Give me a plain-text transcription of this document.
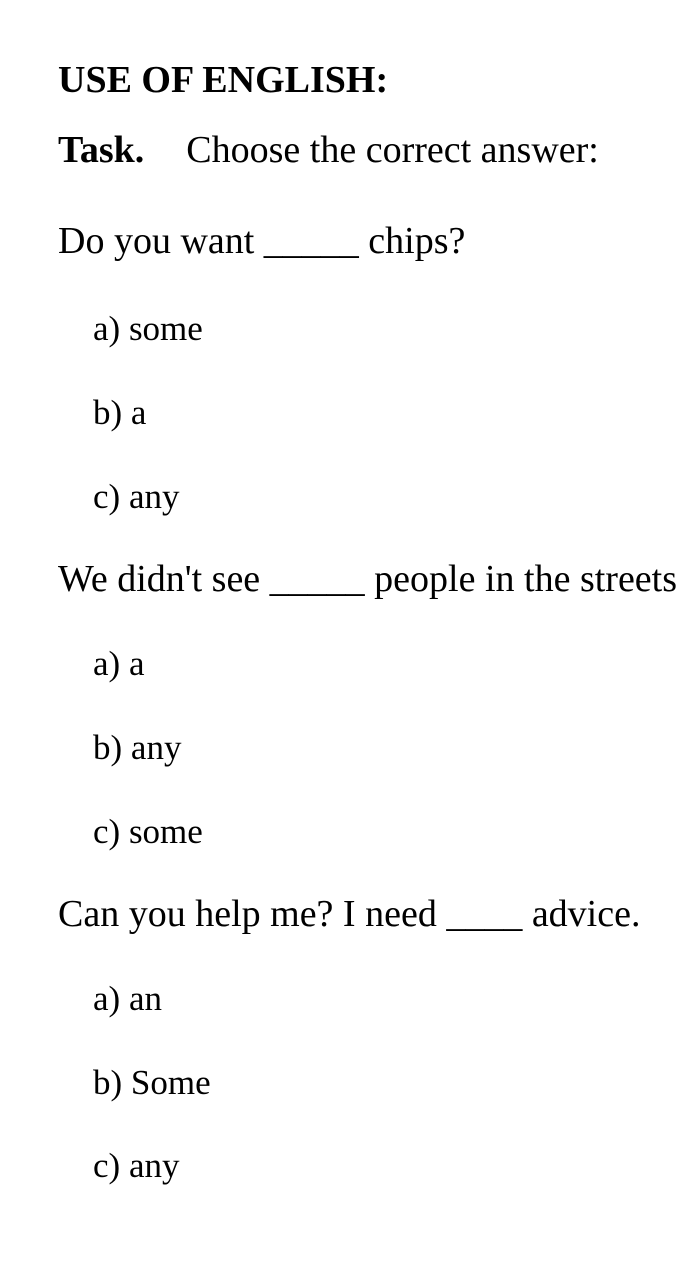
USE OF ENGLISH:
Task. Choose the correct answer:
Do you want _____ chips?
a) some
b) a
c) any
We didn't see _____ people in the streets
a) a
b) any
c) some
Can you help me? I need ____ advice.
a) an
b) Some
c) any
